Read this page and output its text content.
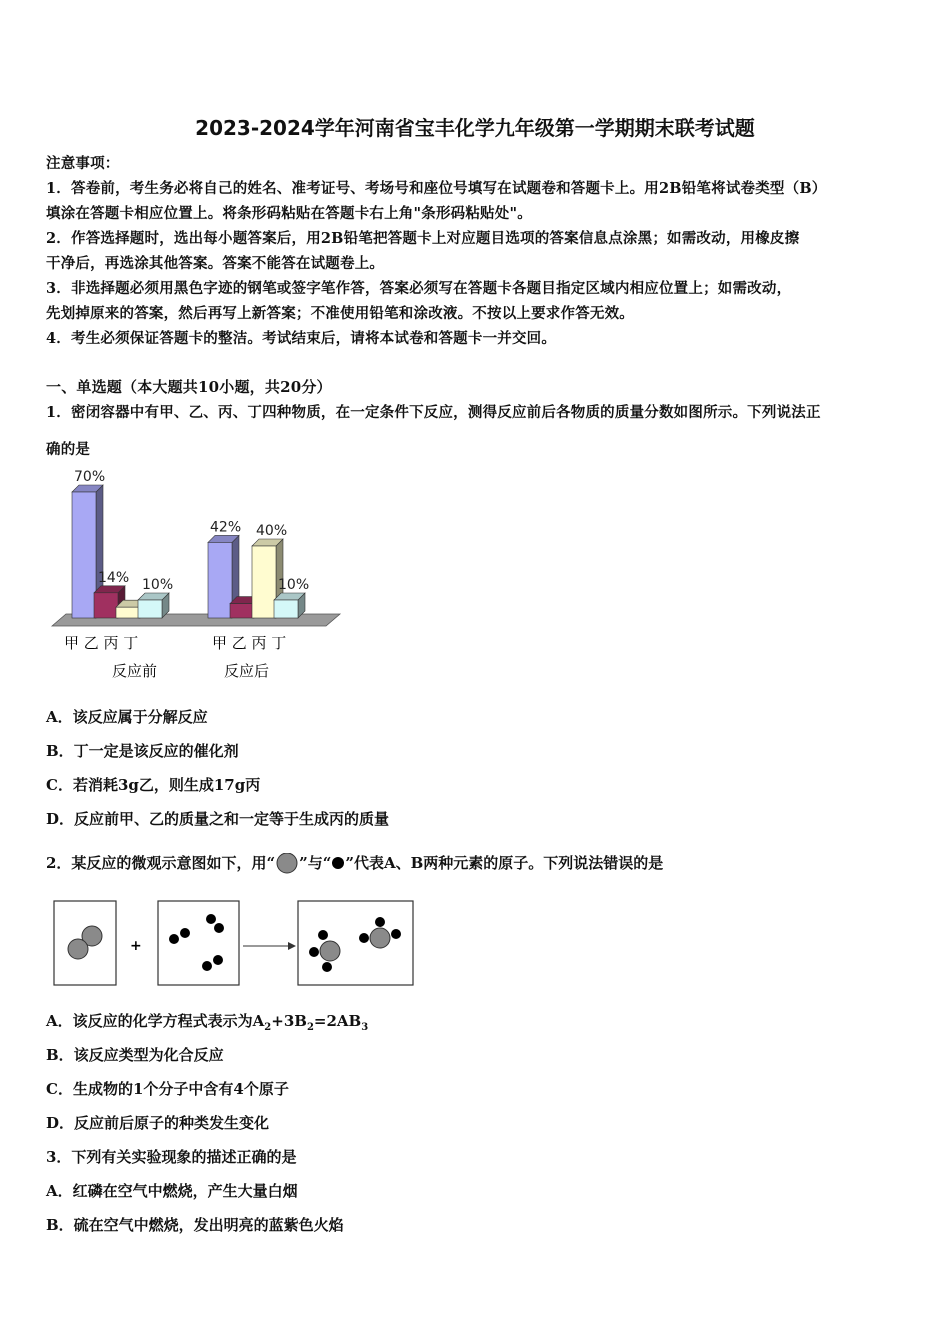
2023-2024学年河南省宝丰化学九年级第一学期期末联考试题
注意事项：
1．答卷前，考生务必将自己的姓名、准考证号、考场号和座位号填写在试题卷和答题卡上。用2B铅笔将试卷类型（B）
填涂在答题卡相应位置上。将条形码粘贴在答题卡右上角"条形码粘贴处"。
2．作答选择题时，选出每小题答案后，用2B铅笔把答题卡上对应题目选项的答案信息点涂黑；如需改动，用橡皮擦
干净后，再选涂其他答案。答案不能答在试题卷上。
3．非选择题必须用黑色字迹的钢笔或签字笔作答，答案必须写在答题卡各题目指定区域内相应位置上；如需改动，
先划掉原来的答案，然后再写上新答案；不准使用铅笔和涂改液。不按以上要求作答无效。
4．考生必须保证答题卡的整洁。考试结束后，请将本试卷和答题卡一并交回。
一、单选题（本大题共10小题，共20分）
1．密闭容器中有甲、乙、丙、丁四种物质，在一定条件下反应，测得反应前后各物质的质量分数如图所示。下列说法正
确的是
70%
14% 10%
42% 40%
10%
甲 乙 丙 丁	甲 乙 丙 丁
反应前	反应后
A．该反应属于分解反应
B．丁一定是该反应的催化剂
C．若消耗3g乙，则生成17g丙
D．反应前甲、乙的质量之和一定等于生成丙的质量
2．某反应的微观示意图如下，用“ ”与“ ”代表A、B两种元素的原子。下列说法错误的是
+
A．该反应的化学方程式表示为$A_2+3B_2=2AB_3$
B．该反应类型为化合反应
C．生成物的1个分子中含有4个原子
D．反应前后原子的种类发生变化
3．下列有关实验现象的描述正确的是
A．红磷在空气中燃烧，产生大量白烟
B．硫在空气中燃烧，发出明亮的蓝紫色火焰
